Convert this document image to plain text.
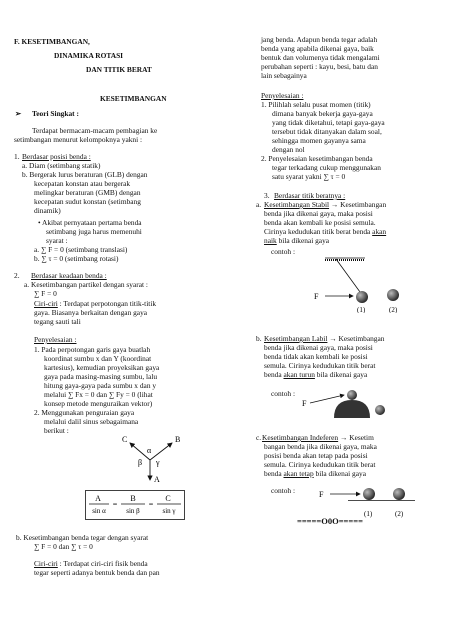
F. KESETIMBANGAN,
DINAMIKA ROTASI
DAN TITIK BERAT
KESETIMBANGAN
➢ Teori Singkat :
Terdapat bermacam-macam pembagian ke
setimbangan menurut kelompoknya yakni :
1. Berdasar posisi benda :
a. Diam (setimbang statik)
b. Bergerak lurus beraturan (GLB) dengan
kecepatan konstan atau bergerak
melingkar beraturan (GMB) dengan
kecepatan sudut konstan (setimbang
dinamik)
• Akibat pernyataan pertama benda
setimbang juga harus memenuhi
syarat :
a. ∑ F = 0 (setimbang translasi)
b. ∑ τ = 0 (setimbang rotasi)
2. Berdasar keadaan benda :
a. Kesetimbangan partikel dengan syarat :
∑ F = 0
Ciri-ciri : Terdapat perpotongan titik-titik
gaya. Biasanya berkaitan dengan gaya
tegang sauti tali
Penyelesaian :
1. Pada perpotongan garis gaya buatlah
koordinat sumbu x dan Y (koordinat
kartesius), kemudian proyeksikan gaya
gaya pada masing-masing sumbu, lalu
hitung gaya-gaya pada sumbu x dan y
melalui ∑ Fx = 0 dan ∑ Fy = 0 (lihat
konsep metode menguraikan vektor)
2. Menggunakan penguraian gaya
melalui dalil sinus sebagaimana
berikut :
C	B
A
α
β γ
A
sin α
=
B
sin β
=
C
sin γ
b. Kesetimbangan benda tegar dengan syarat
∑ F = 0 dan ∑ τ = 0
Ciri-ciri : Terdapat ciri-ciri fisik benda
tegar seperti adanya bentuk benda dan pan
jang benda. Adapun benda tegar adalah
benda yang apabila dikenai gaya, baik
bentuk dan volumenya tidak mengalami
perubahan seperti : kayu, besi, batu dan
lain sebagainya
Penyelesaian :
1. Pilihlah selalu pusat momen (titik)
dimana banyak bekerja gaya-gaya
yang tidak diketahui, tetapi gaya-gaya
tersebut tidak ditanyakan dalam soal,
sehingga momen gayanya sama
dengan nol
2. Penyelesaian kesetimbangan benda
tegar terkadang cukup menggunakan
satu syarat yakni ∑ τ = 0
3. Berdasar titik beratnya :
a. Kesetimbangan Stabil → Kesetimbangan
benda jika dikenai gaya, maka posisi
benda akan kembali ke posisi semula.
Cirinya kedudukan titik berat benda akan
naik bila dikenai gaya
contoh :
F
(1)	(2)
b. Kesetimbangan Labil → Kesetimbangan
benda jika dikenai gaya, maka posisi
benda tidak akan kembali ke posisi
semula. Cirinya kedudukan titik berat
benda akan turun bila dikenai gaya
contoh :
F
c. Kesetimbangan Indeferen → Kesetim
bangan benda jika dikenai gaya, maka
posisi benda akan tetap pada posisi
semula. Cirinya kedudukan titik berat
benda akan tetap bila dikenai gaya
contoh :	F
(1)	(2)
=====O0O=====
